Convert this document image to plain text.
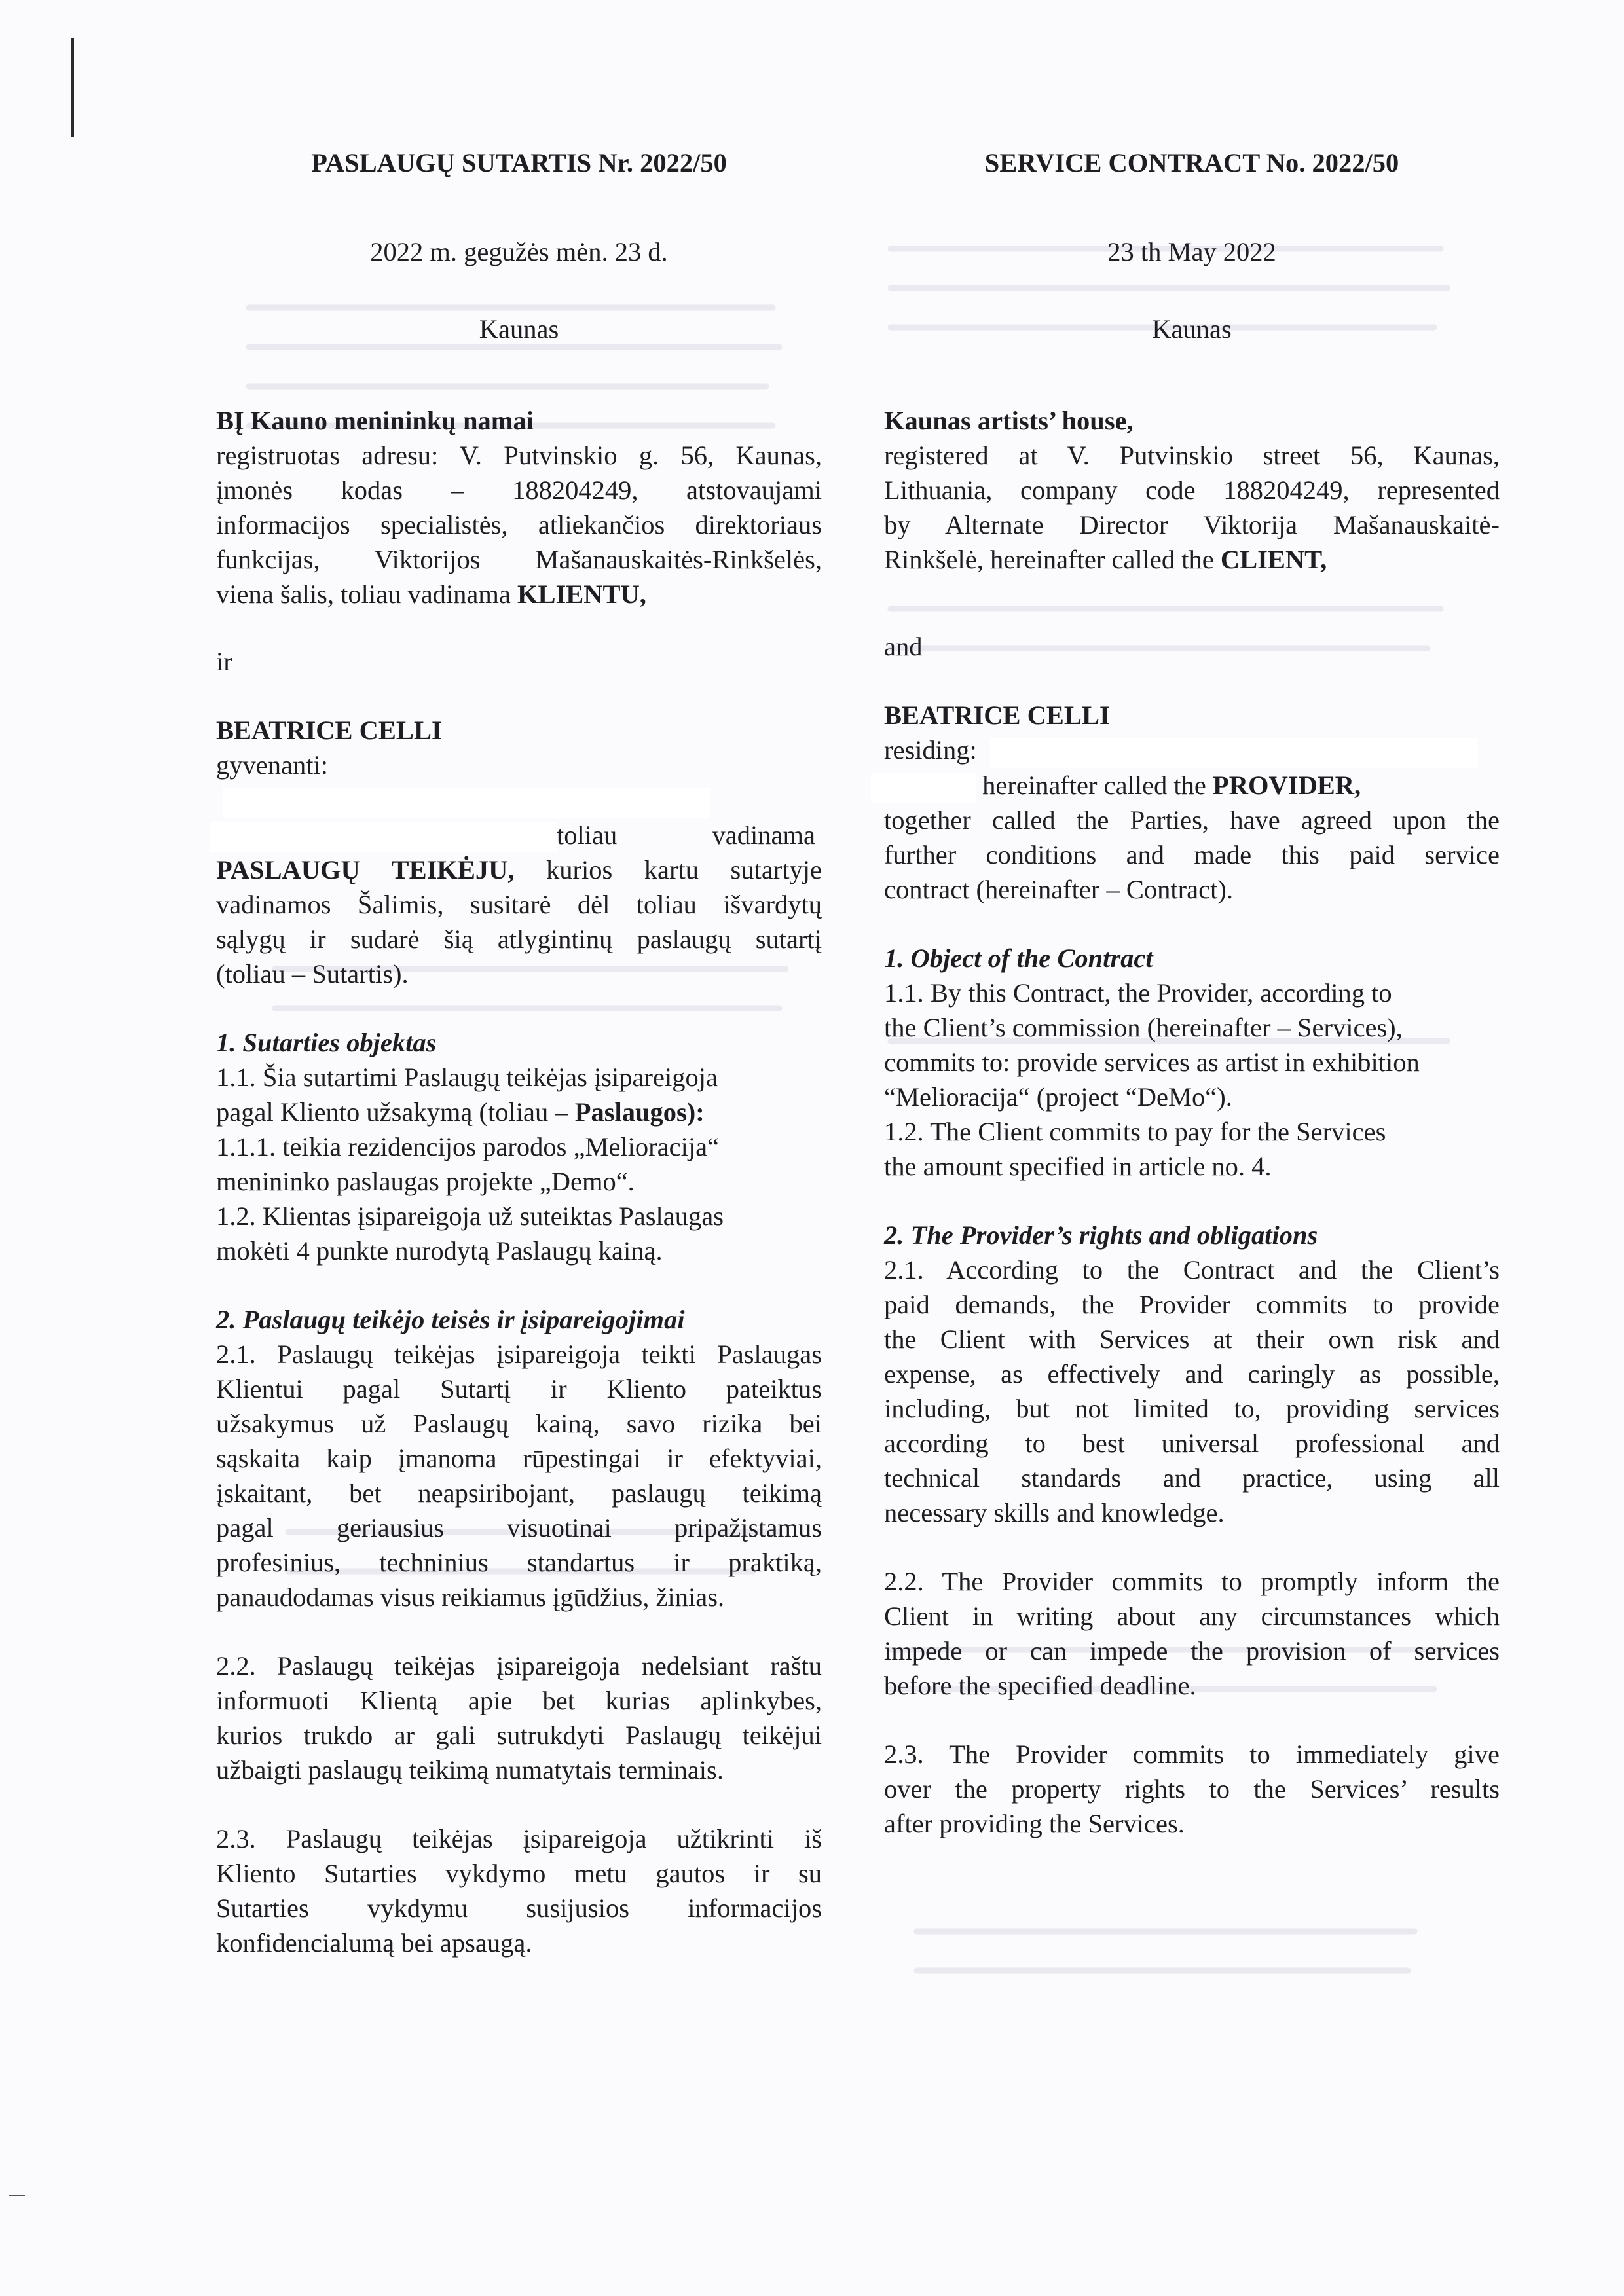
PASLAUGŲ SUTARTIS Nr. 2022/50

2022 m. gegužės mėn. 23 d.

Kaunas

BĮ Kauno menininkų namai

registruotas adresu: V. Putvinskio g. 56, Kaunas,

įmonės kodas – 188204249, atstovaujami

informacijos specialistės, atliekančios direktoriaus

funkcijas, Viktorijos Mašanauskaitės-Rinkšelės,

viena šalis, toliau vadinama KLIENTU,

ir

BEATRICE CELLI

gyvenanti:

toliau vadinama

PASLAUGŲ TEIKĖJU, kurios kartu sutartyje

vadinamos Šalimis, susitarė dėl toliau išvardytų

sąlygų ir sudarė šią atlygintinų paslaugų sutartį

(toliau – Sutartis).

1. Sutarties objektas

1.1. Šia sutartimi Paslaugų teikėjas įsipareigoja

pagal Kliento užsakymą (toliau – Paslaugos):

1.1.1. teikia rezidencijos parodos „Melioracija“

menininko paslaugas projekte „Demo“.

1.2. Klientas įsipareigoja už suteiktas Paslaugas

mokėti 4 punkte nurodytą Paslaugų kainą.

2. Paslaugų teikėjo teisės ir įsipareigojimai

2.1. Paslaugų teikėjas įsipareigoja teikti Paslaugas

Klientui pagal Sutartį ir Kliento pateiktus

užsakymus už Paslaugų kainą, savo rizika bei

sąskaita kaip įmanoma rūpestingai ir efektyviai,

įskaitant, bet neapsiribojant, paslaugų teikimą

pagal geriausius visuotinai pripažįstamus

profesinius, techninius standartus ir praktiką,

panaudodamas visus reikiamus įgūdžius, žinias.

2.2. Paslaugų teikėjas įsipareigoja nedelsiant raštu

informuoti Klientą apie bet kurias aplinkybes,

kurios trukdo ar gali sutrukdyti Paslaugų teikėjui

užbaigti paslaugų teikimą numatytais terminais.

2.3. Paslaugų teikėjas įsipareigoja užtikrinti iš

Kliento Sutarties vykdymo metu gautos ir su

Sutarties vykdymu susijusios informacijos

konfidencialumą bei apsaugą.

SERVICE CONTRACT No. 2022/50

23 th May 2022

Kaunas

Kaunas artists’ house,

registered at V. Putvinskio street 56, Kaunas,

Lithuania, company code 188204249, represented

by Alternate Director Viktorija Mašanauskaitė-

Rinkšelė, hereinafter called the CLIENT,

and

BEATRICE CELLI

residing:

hereinafter called the PROVIDER,

together called the Parties, have agreed upon the

further conditions and made this paid service

contract (hereinafter – Contract).

1. Object of the Contract

1.1. By this Contract, the Provider, according to

the Client’s commission (hereinafter – Services),

commits to: provide services as artist in exhibition

“Melioracija“ (project “DeMo“).

1.2. The Client commits to pay for the Services

the amount specified in article no. 4.

2. The Provider’s rights and obligations

2.1. According to the Contract and the Client’s

paid demands, the Provider commits to provide

the Client with Services at their own risk and

expense, as effectively and caringly as possible,

including, but not limited to, providing services

according to best universal professional and

technical standards and practice, using all

necessary skills and knowledge.

2.2. The Provider commits to promptly inform the

Client in writing about any circumstances which

impede or can impede the provision of services

before the specified deadline.

2.3. The Provider commits to immediately give

over the property rights to the Services’ results

after providing the Services.
